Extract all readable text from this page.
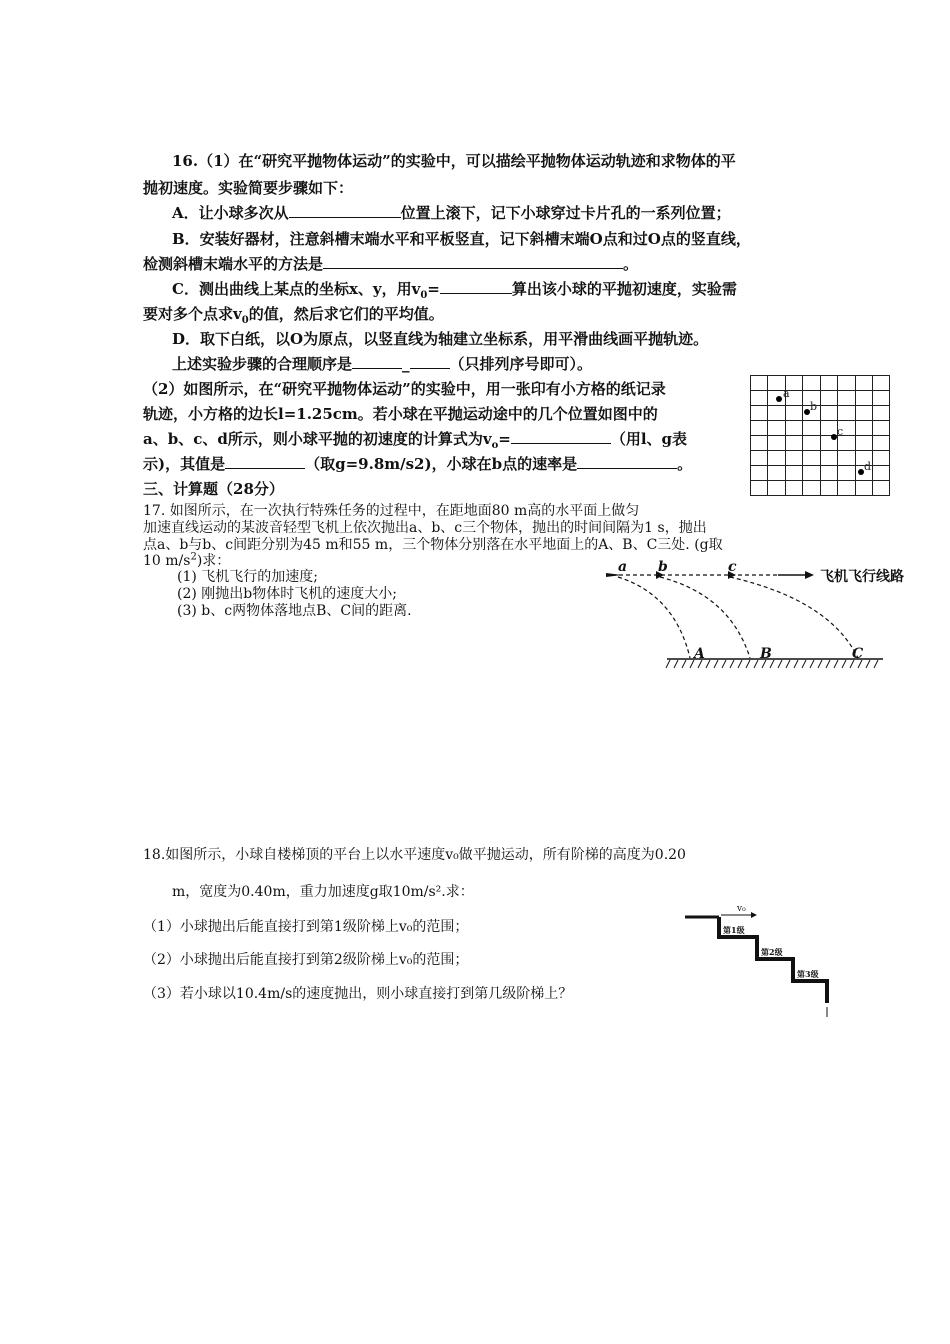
16.（1）在“研究平抛物体运动”的实验中，可以描绘平抛物体运动轨迹和求物体的平
抛初速度。实验简要步骤如下：
A．让小球多次从	位置上滚下，记下小球穿过卡片孔的一系列位置；
B．安装好器材，注意斜槽末端水平和平板竖直，记下斜槽末端O点和过O点的竖直线，
检测斜槽末端水平的方法是	。
C．测出曲线上某点的坐标x、y，用$v_0=$	算出该小球的平抛初速度，实验需
要对多个点求$v_0$的值，然后求它们的平均值。
D．取下白纸，以O为原点，以竖直线为轴建立坐标系，用平滑曲线画平抛轨迹。
上述实验步骤的合理顺序是	_	（只排列序号即可）。
（2）如图所示，在“研究平抛物体运动”的实验中，用一张印有小方格的纸记录
轨迹，小方格的边长l=1.25cm。若小球在平抛运动途中的几个位置如图中的
a、b、c、d所示，则小球平抛的初速度的计算式为$v_o=$	（用l、g表
示)，其值是	（取g=9.8m/s2)，小球在b点的速率是	。
三、计算题（28分）
a
b
c
d
17. 如图所示，在一次执行特殊任务的过程中，在距地面80 m高的水平面上做匀
加速直线运动的某波音轻型飞机上依次抛出a、b、c三个物体，抛出的时间间隔为1 s，抛出
点a、b与b、c间距分别为45 m和55 m，三个物体分别落在水平地面上的A、B、C三处. (g取
10 $m/s^2$)求：
(1) 飞机飞行的加速度;
(2) 刚抛出b物体时飞机的速度大小;
(3) b、c两物体落地点B、C间的距离.
a b	c
飞机飞行线路
A	B	C
18.如图所示，小球自楼梯顶的平台上以水平速度v₀做平抛运动，所有阶梯的高度为0.20
m，宽度为0.40m，重力加速度g取10m/s².求：
（1）小球抛出后能直接打到第1级阶梯上v₀的范围；
（2）小球抛出后能直接打到第2级阶梯上v₀的范围；
（3）若小球以10.4m/s的速度抛出，则小球直接打到第几级阶梯上？
v₀
第1级
第2级
第3级
